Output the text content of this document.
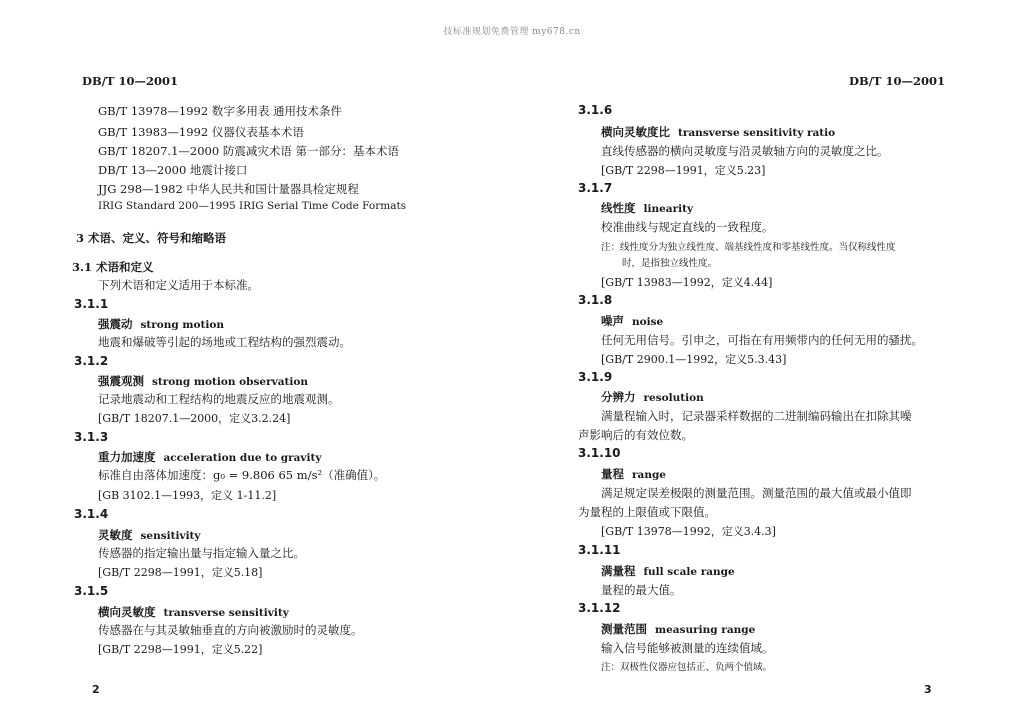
技标准规划免费管理 my678.cn
DB/T 10—2001	DB/T 10—2001
GB/T 13978—1992 数字多用表 通用技术条件
GB/T 13983—1992 仪器仪表基本术语
GB/T 18207.1—2000 防震减灾术语 第一部分：基本术语
DB/T 13—2000 地震计接口
JJG 298—1982 中华人民共和国计量器具检定规程
IRIG Standard 200—1995 IRIG Serial Time Code Formats
3 术语、定义、符号和缩略语
3.1 术语和定义
下列术语和定义适用于本标准。
3.1.1
强震动 strong motion
地震和爆破等引起的场地或工程结构的强烈震动。
3.1.2
强震观测 strong motion observation
记录地震动和工程结构的地震反应的地震观测。
[GB/T 18207.1—2000，定义3.2.24]
3.1.3
重力加速度 acceleration due to gravity
标准自由落体加速度：g₀ = 9.806 65 m/s²（准确值）。
[GB 3102.1—1993，定义 1-11.2]
3.1.4
灵敏度 sensitivity
传感器的指定输出量与指定输入量之比。
[GB/T 2298—1991，定义5.18]
3.1.5
横向灵敏度 transverse sensitivity
传感器在与其灵敏轴垂直的方向被激励时的灵敏度。
[GB/T 2298—1991，定义5.22]
2
3.1.6
横向灵敏度比 transverse sensitivity ratio
直线传感器的横向灵敏度与沿灵敏轴方向的灵敏度之比。
[GB/T 2298—1991，定义5.23]
3.1.7
线性度 linearity
校准曲线与规定直线的一致程度。
注：线性度分为独立线性度、端基线性度和零基线性度。当仅称线性度
时，是指独立线性度。
[GB/T 13983—1992，定义4.44]
3.1.8
噪声 noise
任何无用信号。引申之，可指在有用频带内的任何无用的骚扰。
[GB/T 2900.1—1992，定义5.3.43]
3.1.9
分辨力 resolution
满量程输入时，记录器采样数据的二进制编码输出在扣除其噪
声影响后的有效位数。
3.1.10
量程 range
满足规定误差极限的测量范围。测量范围的最大值或最小值即
为量程的上限值或下限值。
[GB/T 13978—1992，定义3.4.3]
3.1.11
满量程 full scale range
量程的最大值。
3.1.12
测量范围 measuring range
输入信号能够被测量的连续值域。
注：双极性仪器应包括正、负两个值域。
3
